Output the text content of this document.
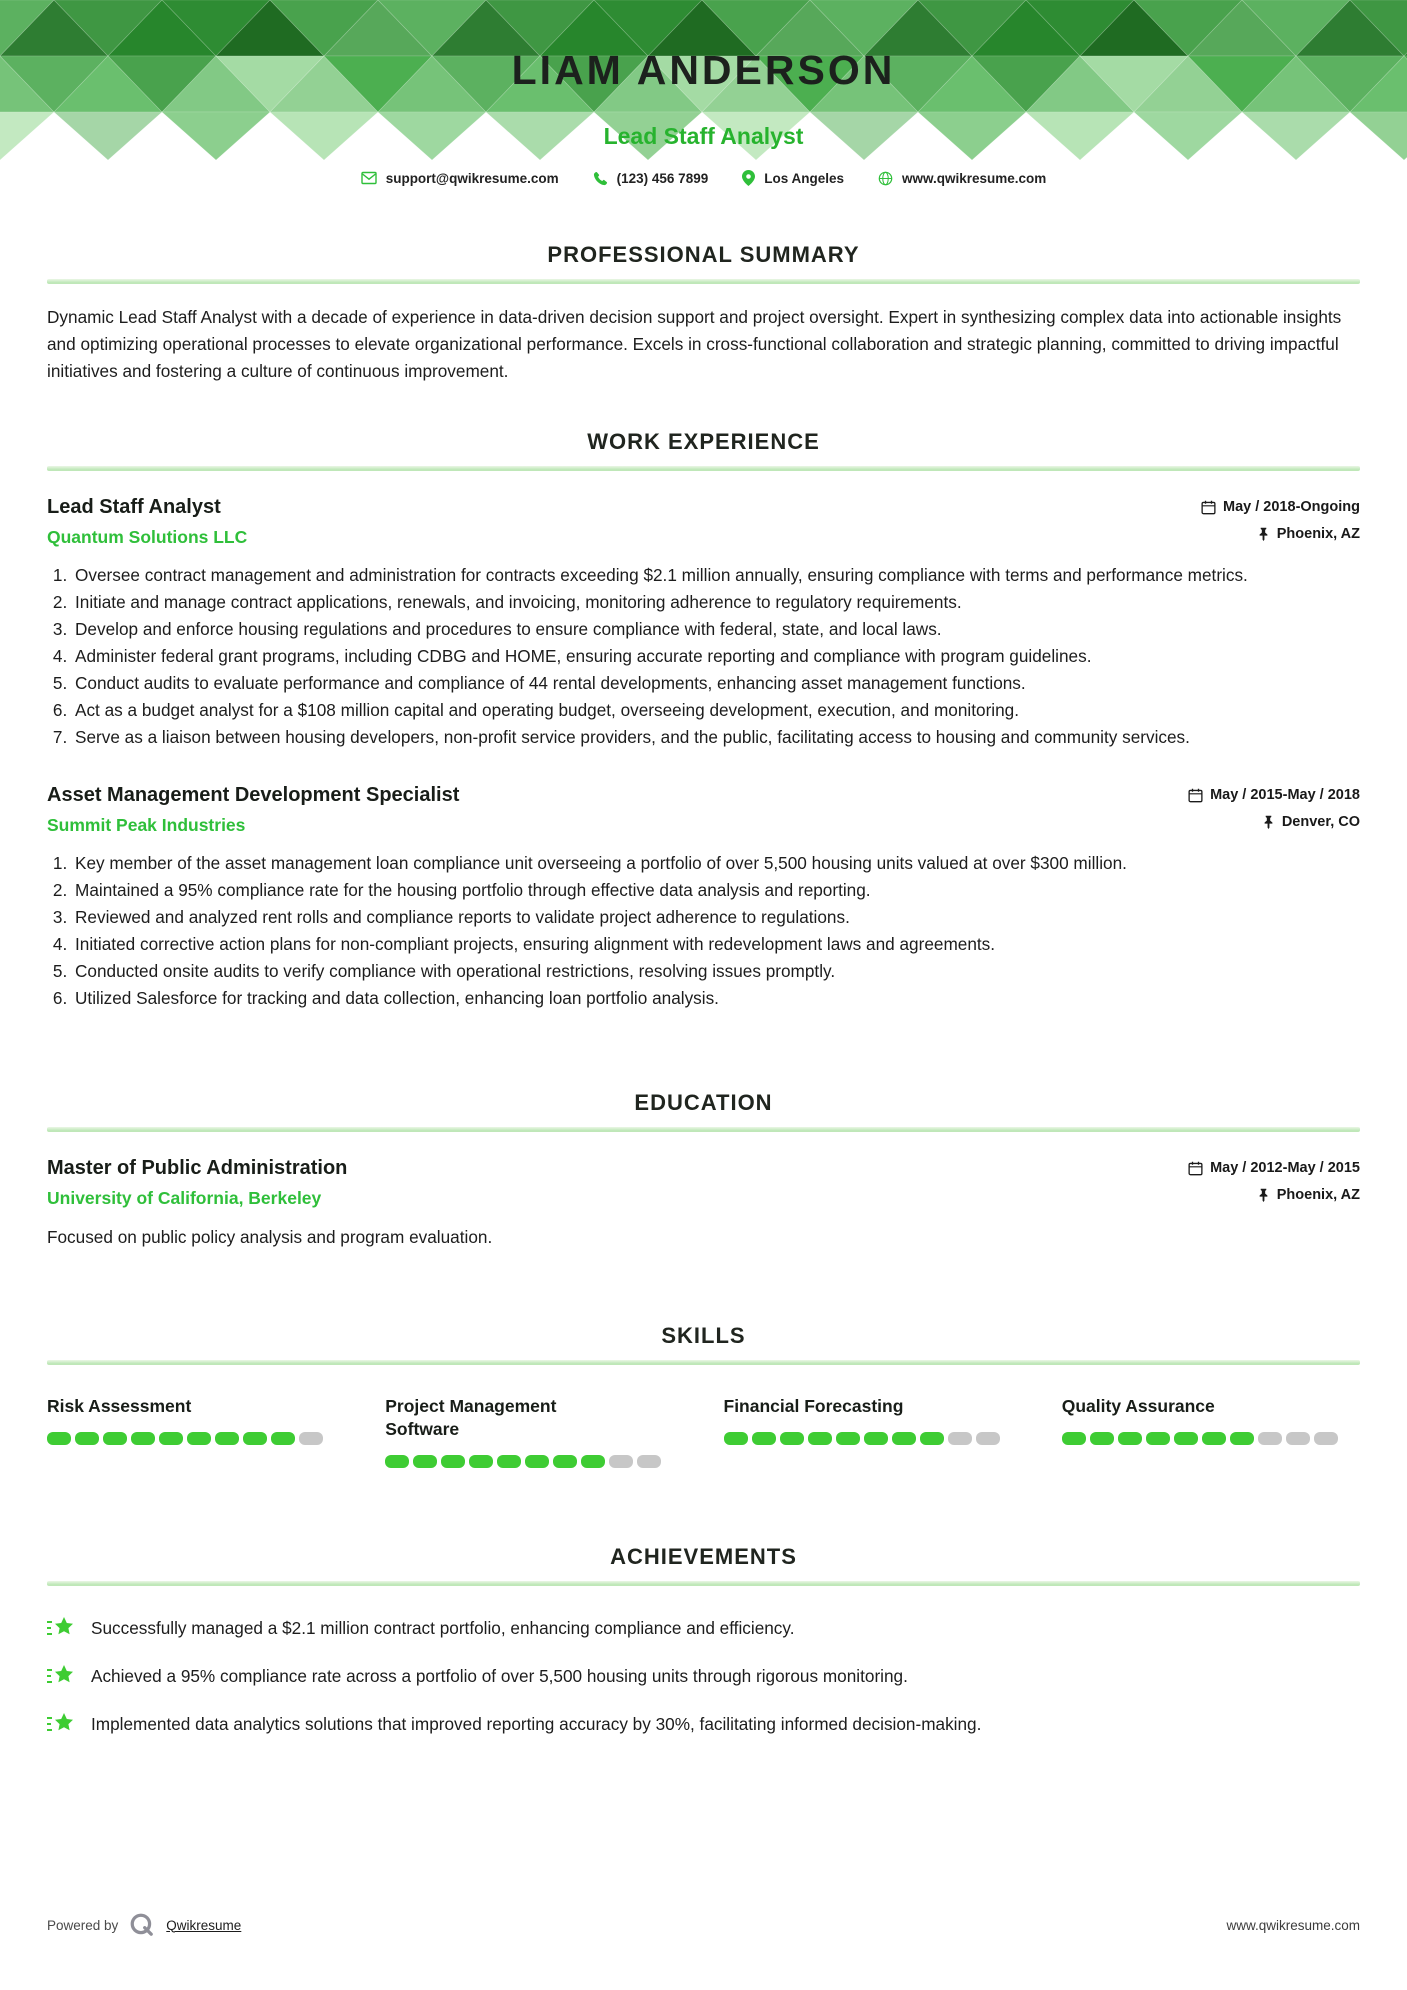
LIAM ANDERSON
Lead Staff Analyst
support@qwikresume.com	(123) 456 7899	Los Angeles	www.qwikresume.com
PROFESSIONAL SUMMARY

Dynamic Lead Staff Analyst with a decade of experience in data-driven decision support and project oversight. Expert in synthesizing complex data into actionable insights and optimizing operational processes to elevate organizational performance. Excels in cross-functional collaboration and strategic planning, committed to driving impactful initiatives and fostering a culture of continuous improvement.

WORK EXPERIENCE
Lead Staff Analyst
Quantum Solutions LLC
May / 2018-Ongoing
Phoenix, AZ
1. Oversee contract management and administration for contracts exceeding $2.1 million annually, ensuring compliance with terms and performance metrics.
2. Initiate and manage contract applications, renewals, and invoicing, monitoring adherence to regulatory requirements.
3. Develop and enforce housing regulations and procedures to ensure compliance with federal, state, and local laws.
4. Administer federal grant programs, including CDBG and HOME, ensuring accurate reporting and compliance with program guidelines.
5. Conduct audits to evaluate performance and compliance of 44 rental developments, enhancing asset management functions.
6. Act as a budget analyst for a $108 million capital and operating budget, overseeing development, execution, and monitoring.
7. Serve as a liaison between housing developers, non-profit service providers, and the public, facilitating access to housing and community services.
Asset Management Development Specialist
Summit Peak Industries
May / 2015-May / 2018
Denver, CO
1. Key member of the asset management loan compliance unit overseeing a portfolio of over 5,500 housing units valued at over $300 million.
2. Maintained a 95% compliance rate for the housing portfolio through effective data analysis and reporting.
3. Reviewed and analyzed rent rolls and compliance reports to validate project adherence to regulations.
4. Initiated corrective action plans for non-compliant projects, ensuring alignment with redevelopment laws and agreements.
5. Conducted onsite audits to verify compliance with operational restrictions, resolving issues promptly.
6. Utilized Salesforce for tracking and data collection, enhancing loan portfolio analysis.
EDUCATION
Master of Public Administration
University of California, Berkeley
May / 2012-May / 2015
Phoenix, AZ

Focused on public policy analysis and program evaluation.

SKILLS
Risk Assessment	Project Management Software
Financial Forecasting	Quality Assurance
ACHIEVEMENTS
Successfully managed a $2.1 million contract portfolio, enhancing compliance and efficiency.
Achieved a 95% compliance rate across a portfolio of over 5,500 housing units through rigorous monitoring.
Implemented data analytics solutions that improved reporting accuracy by 30%, facilitating informed decision-making.
Powered by	Qwikresume	www.qwikresume.com
